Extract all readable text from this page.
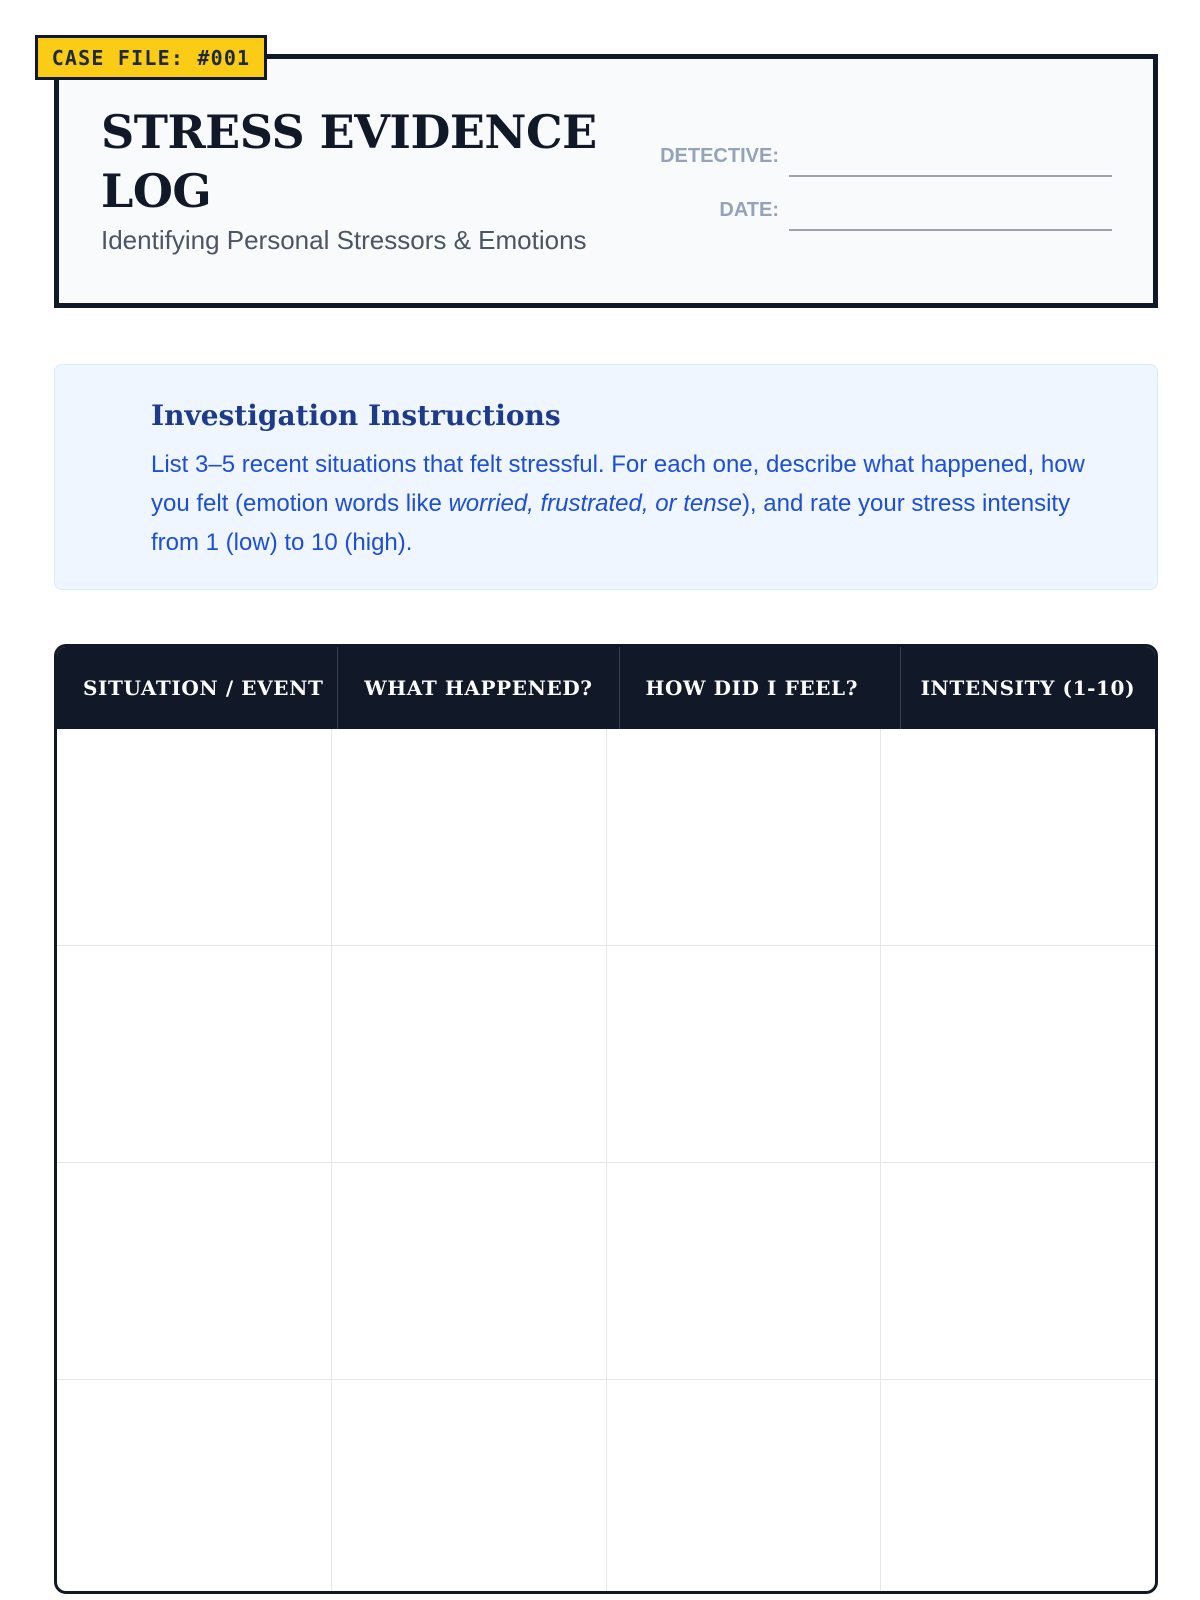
CASE FILE: #001
STRESS EVIDENCE LOG
Identifying Personal Stressors & Emotions
DETECTIVE:
DATE:
Investigation Instructions

List 3–5 recent situations that felt stressful. For each one, describe what happened, how you felt (emotion words like worried, frustrated, or tense), and rate your stress intensity from 1 (low) to 10 (high).

SITUATION / EVENT	WHAT HAPPENED?	HOW DID I FEEL?	INTENSITY (1-10)
